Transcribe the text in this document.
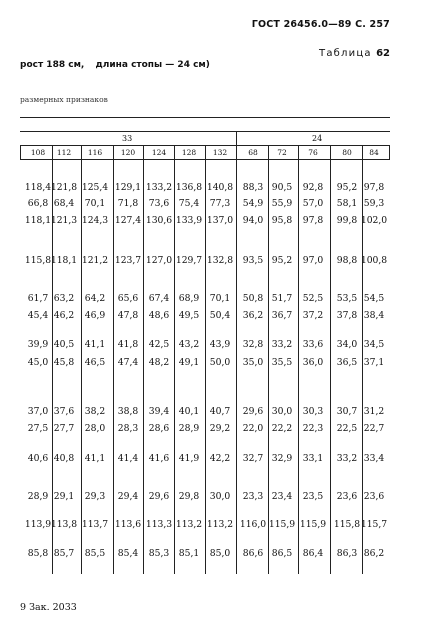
ГОСТ 26456.0—89 С. 257
Таблица 62
рост 188 см, длина стопы — 24 см)
размерных признаков
33	24
108	112	116	120	124	128	132	68	72	76	80	84
118,4 121,8 125,4 129,1 133,2 136,8 140,8	88,3 90,5	92,8	95,2 97,8
66,8 68,4	70,1	71,8	73,6	75,4	77,3	54,9 55,9	57,0	58,1 59,3
118,1 121,3 124,3 127,4 130,6 133,9 137,0	94,0 95,8	97,8	99,8 102,0
115,8 118,1 121,2 123,7 127,0 129,7 132,8	93,5 95,2	97,0	98,8 100,8
61,7 63,2	64,2	65,6	67,4	68,9	70,1	50,8 51,7	52,5	53,5 54,5
45,4 46,2	46,9	47,8	48,6	49,5	50,4	36,2 36,7	37,2	37,8 38,4
39,9 40,5	41,1	41,8	42,5	43,2	43,9	32,8 33,2	33,6	34,0 34,5
45,0 45,8	46,5	47,4	48,2	49,1	50,0	35,0 35,5	36,0	36,5 37,1
37,0 37,6	38,2	38,8	39,4	40,1	40,7	29,6 30,0	30,3	30,7 31,2
27,5 27,7	28,0	28,3	28,6	28,9	29,2	22,0 22,2	22,3	22,5 22,7
40,6 40,8	41,1	41,4	41,6	41,9	42,2	32,7 32,9	33,1	33,2 33,4
28,9 29,1	29,3	29,4	29,6	29,8	30,0	23,3 23,4	23,5	23,6 23,6
113,9 113,8 113,7 113,6 113,3 113,2 113,2 116,0 115,9 115,9 115,8 115,7
85,8 85,7	85,5	85,4	85,3	85,1	85,0	86,6 86,5	86,4	86,3 86,2
9 Зак. 2033
